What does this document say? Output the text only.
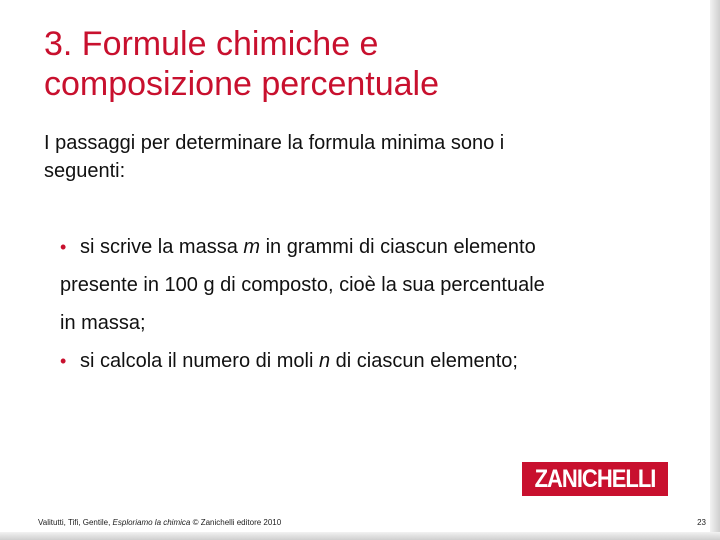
3. Formule chimiche e
composizione percentuale

I passaggi per determinare la formula minima sono i
seguenti:

• si scrive la massa m in grammi di ciascun elemento
presente in 100 g di composto, cioè la sua percentuale
in massa;
• si calcola il numero di moli n di ciascun elemento;
ZANICHELLI
Valitutti, Tifi, Gentile, Esploriamo la chimica © Zanichelli editore 2010	23
